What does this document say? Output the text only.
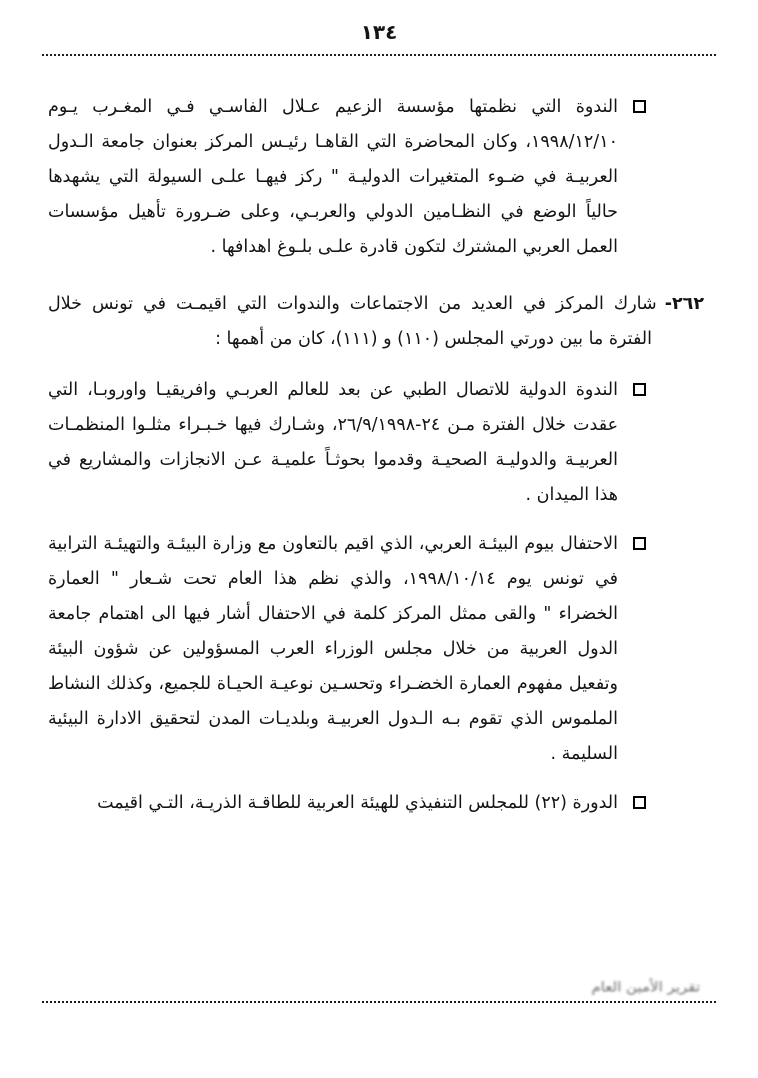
١٣٤

الندوة التي نظمتها مؤسسة الزعيم عـلال الفاسـي فـي المغـرب يـوم ١٩٩٨/١٢/١٠، وكان المحاضرة التي القاهـا رئيـس المركز بعنوان جامعة الـدول العربيـة في ضـوء المتغيرات الدوليـة " ركز فيهـا علـى السيولة التي يشهدها حالياً الوضع في النظـامين الدولي والعربـي، وعلى ضـرورة تأهيل مؤسسات العمل العربي المشترك لتكون قادرة علـى بلـوغ اهدافها .

٢٦٢-شارك المركز في العديد من الاجتماعات والندوات التي اقيمـت في تونس خلال الفترة ما بين دورتي المجلس (١١٠) و (١١١)، كان من أهمها :

الندوة الدولية للاتصال الطبي عن بعد للعالم العربـي وافريقيـا واوروبـا، التي عقدت خلال الفترة مـن ٢٤-٢٦/٩/١٩٩٨، وشـارك فيها خـبـراء مثلـوا المنظمـات العربيـة والدوليـة الصحيـة وقدموا بحوثـاً علميـة عـن الانجازات والمشاريع في هذا الميدان .

الاحتفال بيوم البيئـة العربي، الذي اقيم بالتعاون مع وزارة البيئـة والتهيئـة الترابية في تونس يوم ١٩٩٨/١٠/١٤، والذي نظم هذا العام تحت شـعار " العمارة الخضراء " والقى ممثل المركز كلمة في الاحتفال أشار فيها الى اهتمام جامعة الدول العربية من خلال مجلس الوزراء العرب المسؤولين عن شؤون البيئة وتفعيل مفهوم العمارة الخضـراء وتحسـين نوعيـة الحيـاة للجميع، وكذلك النشاط الملموس الذي تقوم بـه الـدول العربيـة وبلديـات المدن لتحقيق الادارة البيئية السليمة .

الدورة (٢٢) للمجلس التنفيذي للهيئة العربية للطاقـة الذريـة، التـي اقيمت

تقرير الأمين العام
